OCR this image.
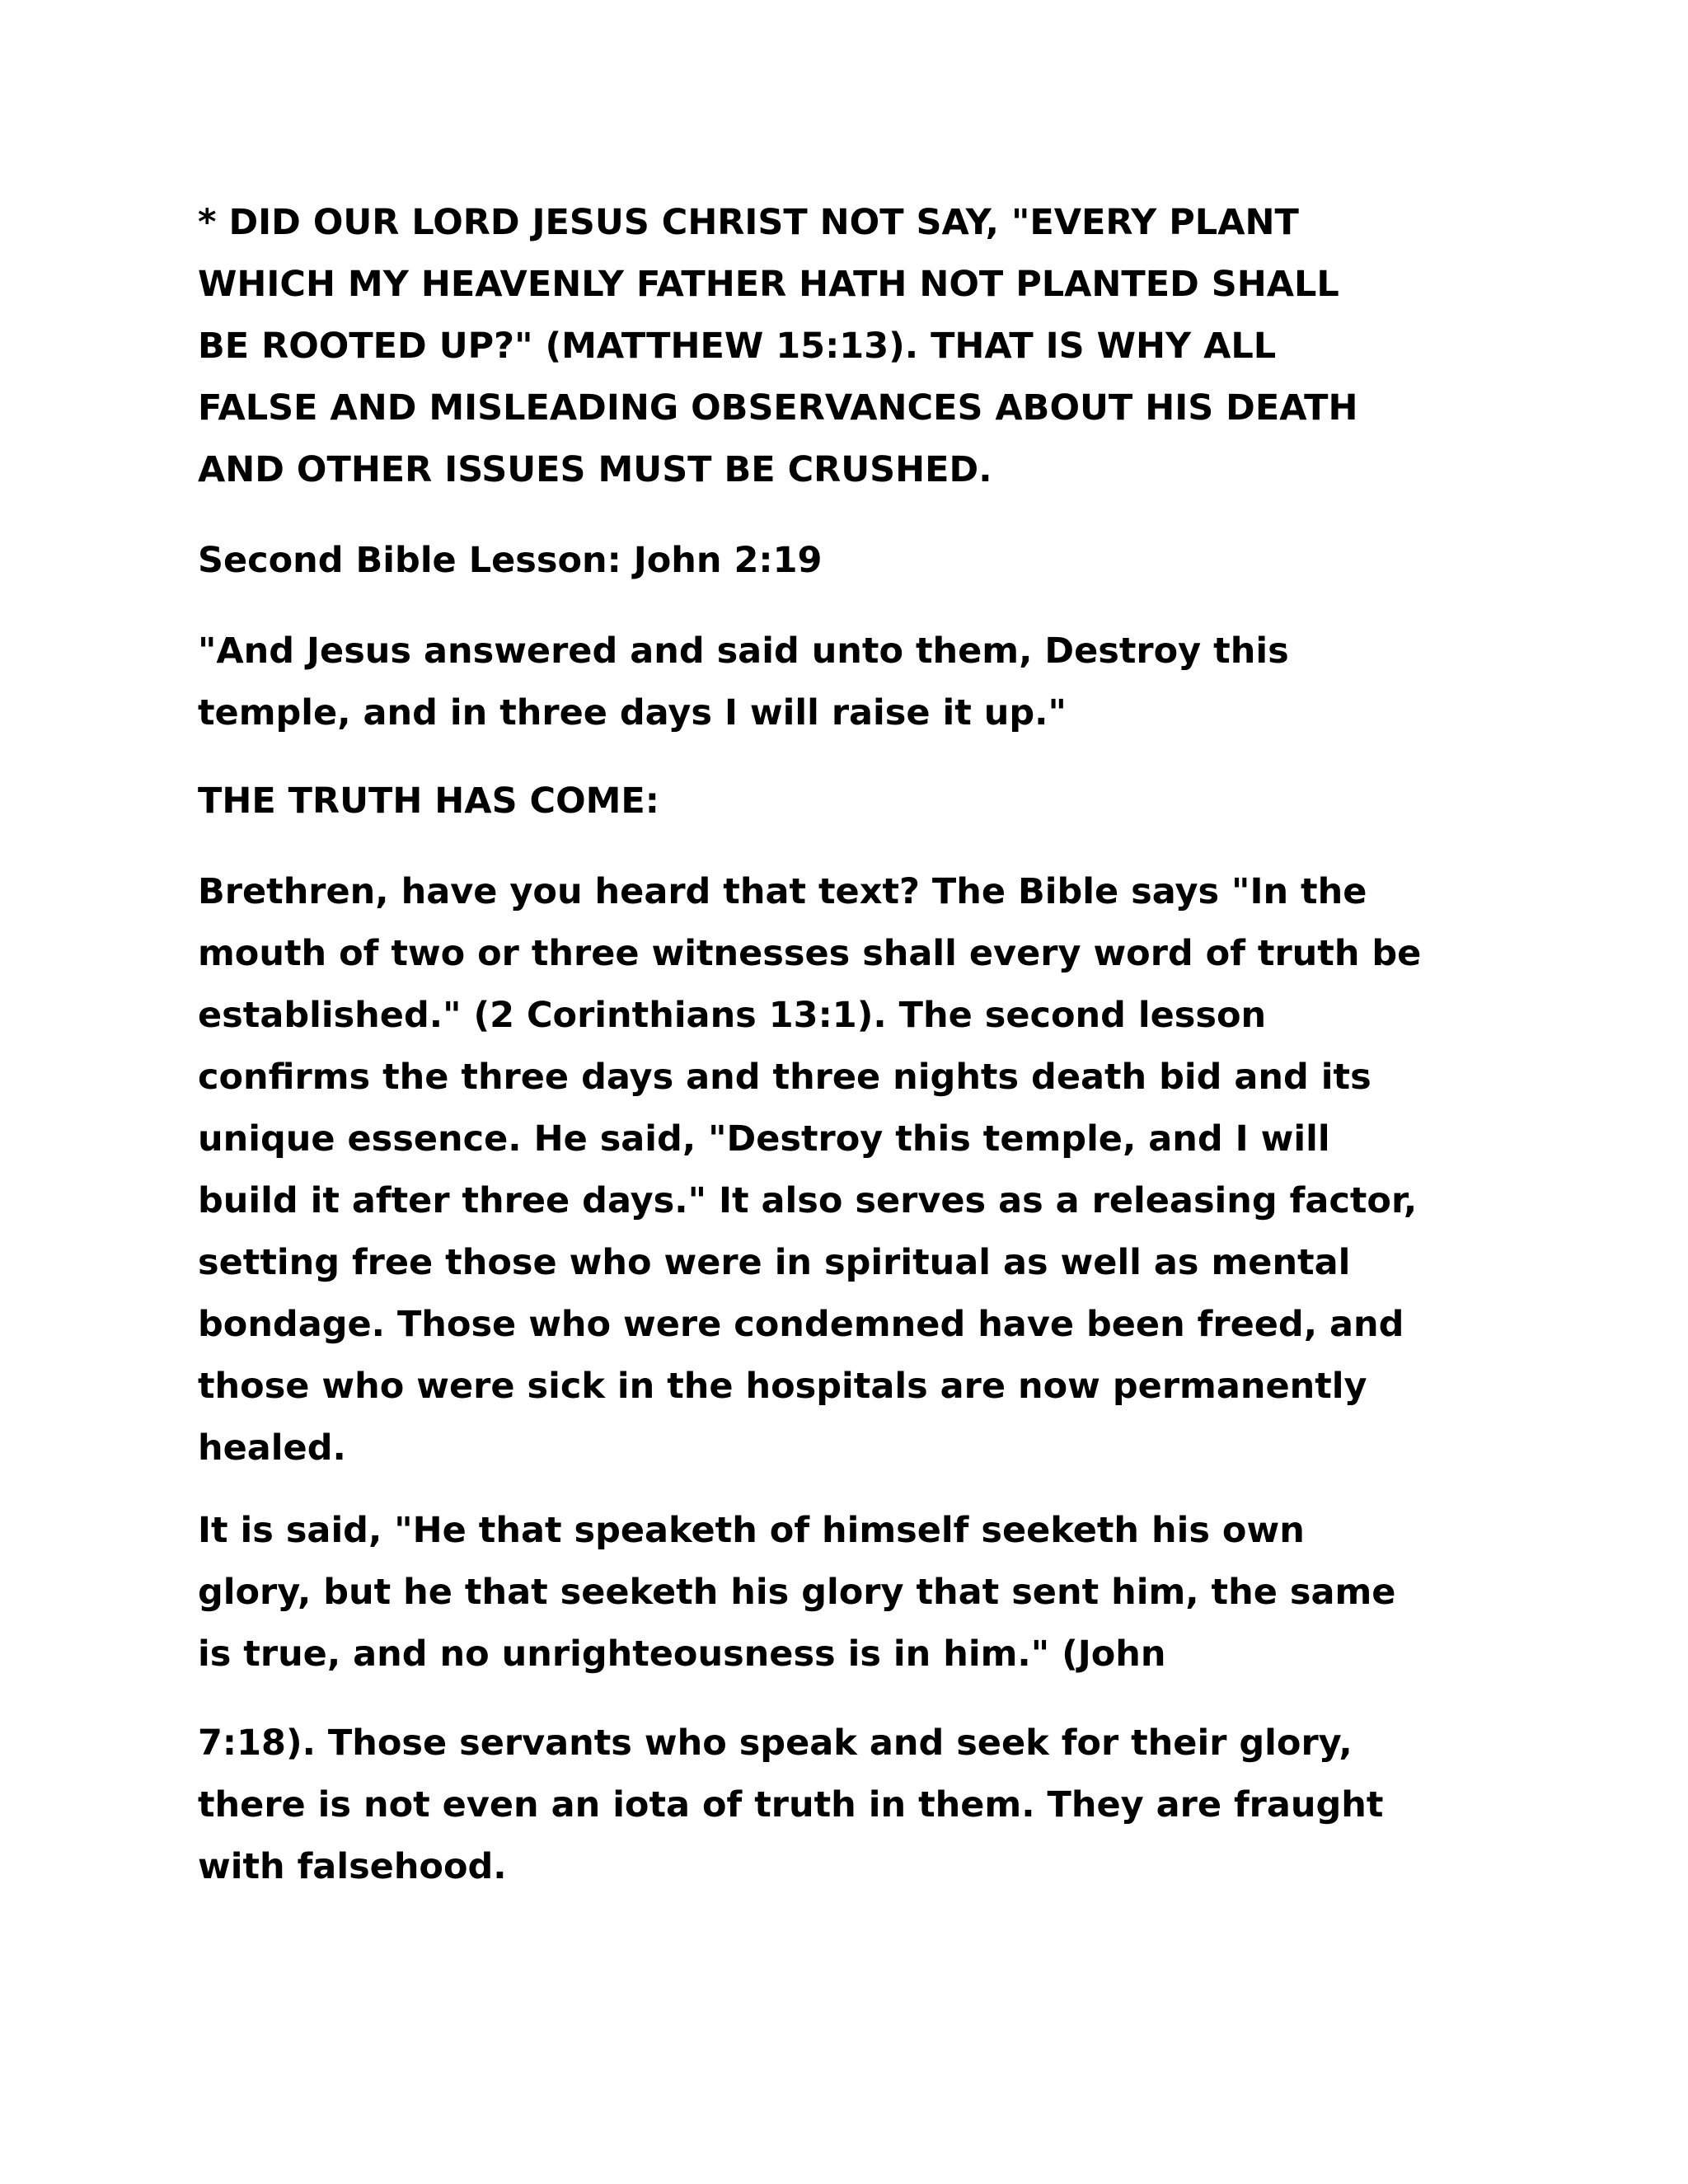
* DID OUR LORD JESUS CHRIST NOT SAY, "EVERY PLANT
WHICH MY HEAVENLY FATHER HATH NOT PLANTED SHALL
BE ROOTED UP?" (MATTHEW 15:13). THAT IS WHY ALL
FALSE AND MISLEADING OBSERVANCES ABOUT HIS DEATH
AND OTHER ISSUES MUST BE CRUSHED.

Second Bible Lesson: John 2:19

"And Jesus answered and said unto them, Destroy this
temple, and in three days I will raise it up."

THE TRUTH HAS COME:

Brethren, have you heard that text? The Bible says "In the
mouth of two or three witnesses shall every word of truth be
established." (2 Corinthians 13:1). The second lesson
confirms the three days and three nights death bid and its
unique essence. He said, "Destroy this temple, and I will
build it after three days." It also serves as a releasing factor,
setting free those who were in spiritual as well as mental
bondage. Those who were condemned have been freed, and
those who were sick in the hospitals are now permanently
healed.

It is said, "He that speaketh of himself seeketh his own
glory, but he that seeketh his glory that sent him, the same
is true, and no unrighteousness is in him." (John

7:18). Those servants who speak and seek for their glory,
there is not even an iota of truth in them. They are fraught
with falsehood.
